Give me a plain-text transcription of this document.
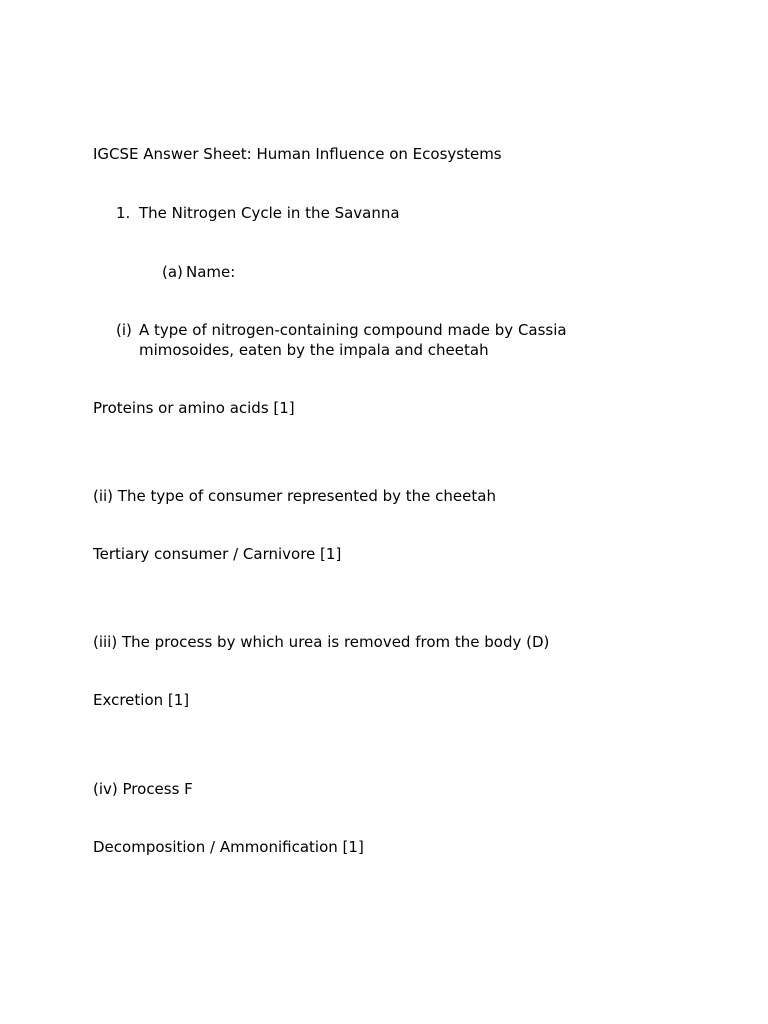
IGCSE Answer Sheet: Human Influence on Ecosystems
1. The Nitrogen Cycle in the Savanna
(a) Name:
(i) A type of nitrogen-containing compound made by Cassia mimosoides, eaten by the impala and cheetah
Proteins or amino acids [1]
(ii) The type of consumer represented by the cheetah
Tertiary consumer / Carnivore [1]
(iii) The process by which urea is removed from the body (D)
Excretion [1]
(iv) Process F
Decomposition / Ammonification [1]
